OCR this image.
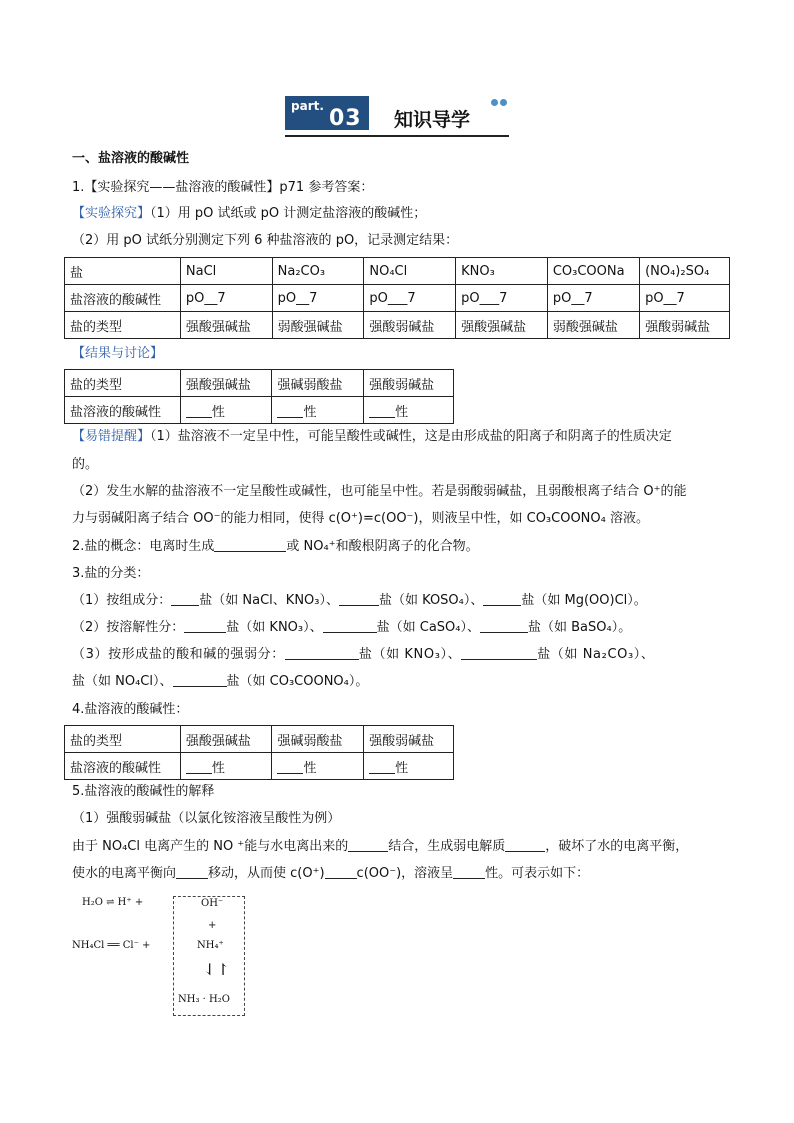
part. 03 知识导学
一、盐溶液的酸碱性
1.【实验探究——盐溶液的酸碱性】p71 参考答案：
【实验探究】（1）用 pO 试纸或 pO 计测定盐溶液的酸碱性；
（2）用 pO 试纸分别测定下列 6 种盐溶液的 pO，记录测定结果：
盐	NaCl	Na₂CO₃	NO₄Cl	KNO₃	CO₃COONa	(NO₄)₂SO₄
盐溶液的酸碱性	pO__7	pO__7	pO___7	pO___7	pO__7	pO__7
盐的类型	强酸强碱盐	弱酸强碱盐	强酸弱碱盐	强酸强碱盐	弱酸强碱盐	强酸弱碱盐
【结果与讨论】
盐的类型	强酸强碱盐	强碱弱酸盐	强酸弱碱盐
盐溶液的酸碱性	性	性	性
【易错提醒】（1）盐溶液不一定呈中性，可能呈酸性或碱性，这是由形成盐的阳离子和阴离子的性质决定
的。
（2）发生水解的盐溶液不一定呈酸性或碱性，也可能呈中性。若是弱酸弱碱盐，且弱酸根离子结合 O⁺的能
力与弱碱阳离子结合 OO⁻的能力相同，使得 c(O⁺)=c(OO⁻)，则液呈中性，如 CO₃COONO₄ 溶液。
2.盐的概念：电离时生成	或 NO₄⁺和酸根阴离子的化合物。
3.盐的分类：
（1）按组成分： 盐（如 NaCl、KNO₃）、	盐（如 KOSO₄）、	盐（如 Mg(OO)Cl）。
（2）按溶解性分：	盐（如 KNO₃）、	盐（如 CaSO₄）、	盐（如 BaSO₄）。
（3）按形成盐的酸和碱的强弱分：	盐（如 KNO₃）、	盐（如 Na₂CO₃）、
盐（如 NO₄Cl）、	盐（如 CO₃COONO₄）。
4.盐溶液的酸碱性：
盐的类型	强酸强碱盐	强碱弱酸盐	强酸弱碱盐
盐溶液的酸碱性	性	性	性
5.盐溶液的酸碱性的解释
（1）强酸弱碱盐（以氯化铵溶液呈酸性为例）
由于 NO₄Cl 电离产生的 NO ⁺能与水电离出来的	结合，生成弱电解质	，破坏了水的电离平衡，
使水的电离平衡向 移动，从而使 c(O⁺) c(OO⁻)，溶液呈 性。可表示如下：
H₂O ⇌ H⁺ +
NH₄Cl ══ Cl⁻ +
OH⁻
+
NH₄⁺
⇃↾
NH₃ · H₂O
